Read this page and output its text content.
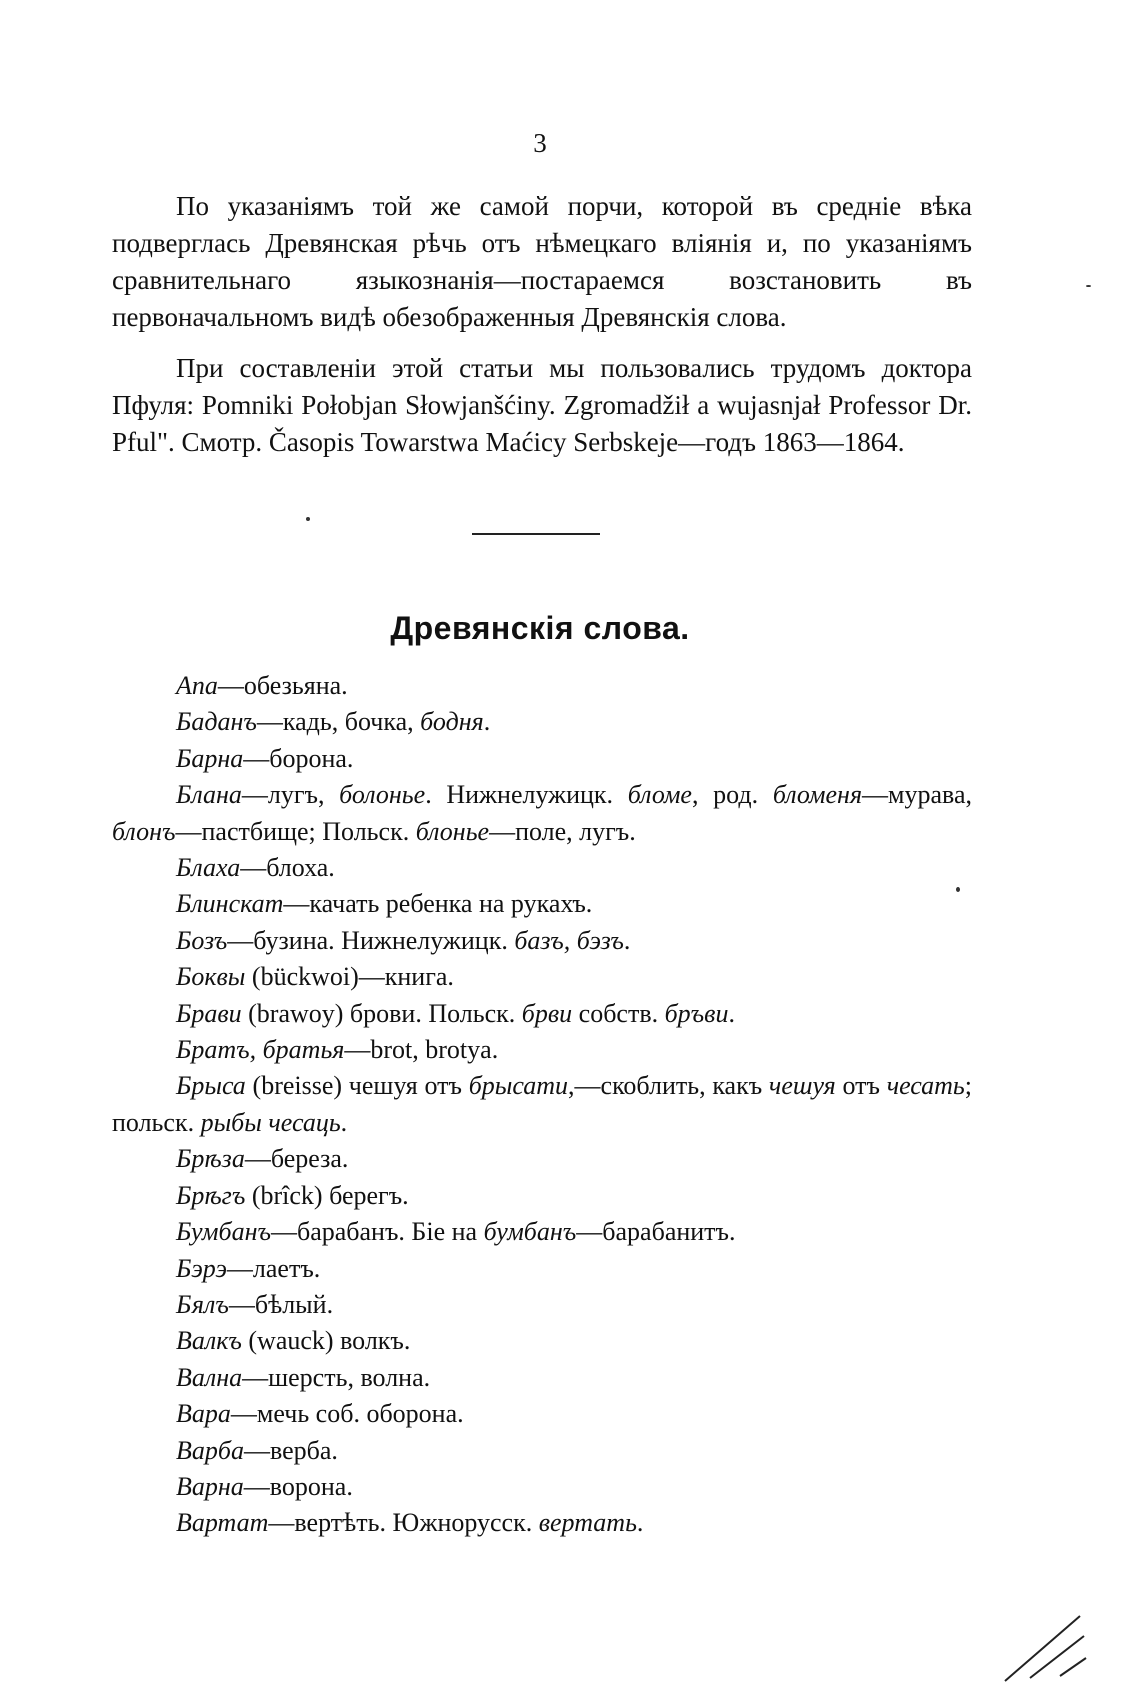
3

По указаніямъ той же самой порчи, которой въ средніе вѣка подверглась Древянская рѣчь отъ нѣмецкаго вліянія и, по указаніямъ сравнительнаго языкознанія—постараемся возстановить въ первоначальномъ видѣ обезображенныя Древянскія слова.

При составленіи этой статьи мы пользовались трудомъ доктора Пфуля: Pomniki Połobjan Słowjanšćiny. Zgromadžił a wujasnjał Professor Dr. Pful". Смотр. Časopis Towarstwa Maćicy Serbskeje—годъ 1863—1864.

Древянскія слова.

Апа—обезьяна.

Баданъ—кадь, бочка, бодня.

Барна—борона.

Блана—лугъ, болонье. Нижнелужицк. бломе, род. бломеня—мурава, блонъ—пастбище; Польск. блонье—поле, лугъ.

Блаха—блоха.

Блинскат—качать ребенка на рукахъ.

Бозъ—бузина. Нижнелужицк. базъ, бэзъ.

Боквы (bückwoi)—книга.

Брави (brawoy) брови. Польск. брви собств. бръви.

Братъ, братья—brot, brotya.

Брыса (breisse) чешуя отъ брысати,—скоблить, какъ чешуя отъ чесать; польск. рыбы чесаць.

Брѣза—береза.

Брѣгъ (brîck) берегъ.

Бумбанъ—барабанъ. Біе на бумбанъ—барабанитъ.

Бэрэ—лаетъ.

Бялъ—бѣлый.

Валкъ (wauck) волкъ.

Вална—шерсть, волна.

Вара—мечь соб. оборона.

Варба—верба.

Варна—ворона.

Вартат—вертѣть. Южнорусск. вертать.
